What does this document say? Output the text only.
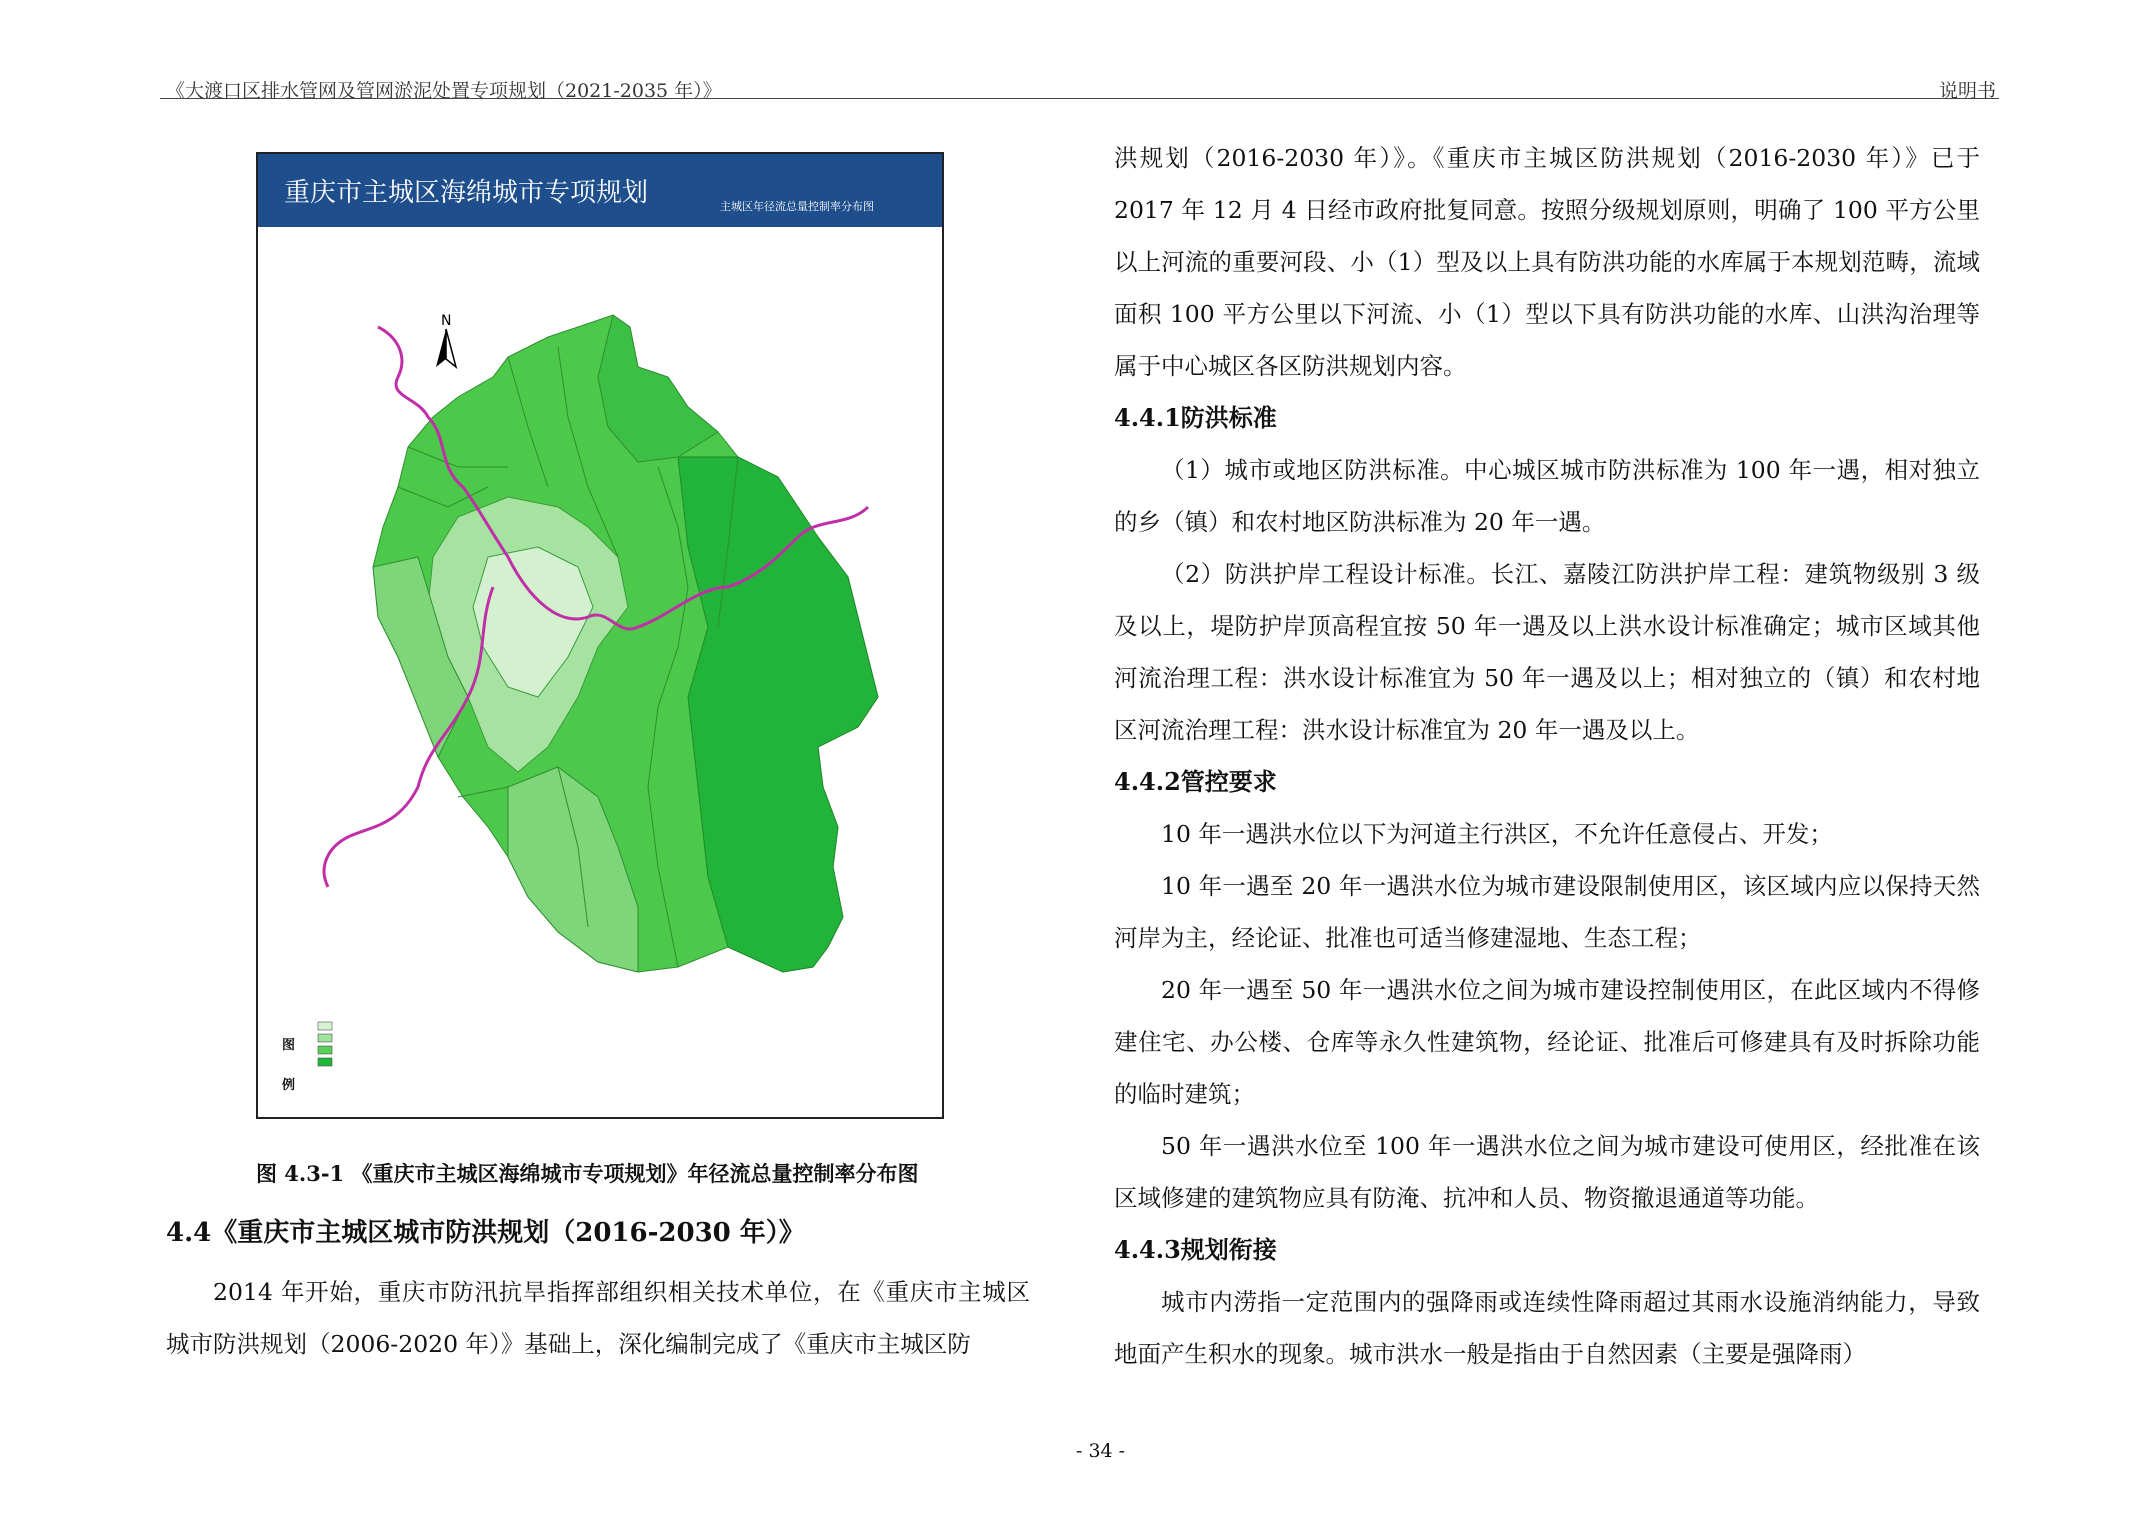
《大渡口区排水管网及管网淤泥处置专项规划（2021-2035 年）》	说明书
重庆市主城区海绵城市专项规划	主城区年径流总量控制率分布图
N
图
例
图 4.3-1 《重庆市主城区海绵城市专项规划》年径流总量控制率分布图
4.4《重庆市主城区城市防洪规划（2016-2030 年）》

2014 年开始，重庆市防汛抗旱指挥部组织相关技术单位，在《重庆市主城区城市防洪规划（2006-2020 年）》基础上，深化编制完成了《重庆市主城区防

洪规划（2016-2030 年）》。《重庆市主城区防洪规划（2016-2030 年）》已于 2017 年 12 月 4 日经市政府批复同意。按照分级规划原则，明确了 100 平方公里以上河流的重要河段、小（1）型及以上具有防洪功能的水库属于本规划范畴，流域面积 100 平方公里以下河流、小（1）型以下具有防洪功能的水库、山洪沟治理等属于中心城区各区防洪规划内容。

4.4.1防洪标准

（1）城市或地区防洪标准。中心城区城市防洪标准为 100 年一遇，相对独立的乡（镇）和农村地区防洪标准为 20 年一遇。

（2）防洪护岸工程设计标准。长江、嘉陵江防洪护岸工程：建筑物级别 3 级及以上，堤防护岸顶高程宜按 50 年一遇及以上洪水设计标准确定；城市区域其他河流治理工程：洪水设计标准宜为 50 年一遇及以上；相对独立的（镇）和农村地区河流治理工程：洪水设计标准宜为 20 年一遇及以上。

4.4.2管控要求

10 年一遇洪水位以下为河道主行洪区，不允许任意侵占、开发；

10 年一遇至 20 年一遇洪水位为城市建设限制使用区，该区域内应以保持天然河岸为主，经论证、批准也可适当修建湿地、生态工程；

20 年一遇至 50 年一遇洪水位之间为城市建设控制使用区，在此区域内不得修建住宅、办公楼、仓库等永久性建筑物，经论证、批准后可修建具有及时拆除功能的临时建筑；

50 年一遇洪水位至 100 年一遇洪水位之间为城市建设可使用区，经批准在该区域修建的建筑物应具有防淹、抗冲和人员、物资撤退通道等功能。

4.4.3规划衔接

城市内涝指一定范围内的强降雨或连续性降雨超过其雨水设施消纳能力，导致地面产生积水的现象。城市洪水一般是指由于自然因素（主要是强降雨）

- 34 -
